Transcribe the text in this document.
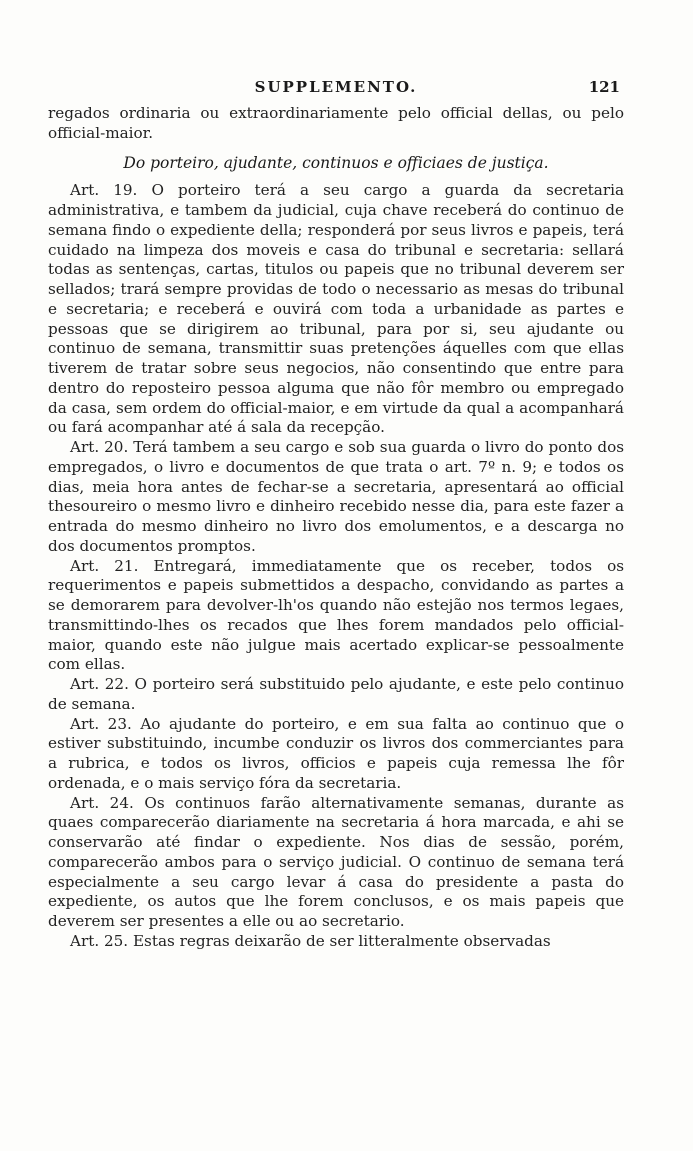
SUPPLEMENTO.	121

regados ordinaria ou extraordinariamente pelo official dellas, ou pelo official-maior.

Do porteiro, ajudante, continuos e officiaes de justiça.

Art. 19. O porteiro terá a seu cargo a guarda da secretaria administrativa, e tambem da judicial, cuja chave receberá do continuo de semana findo o expediente della; responderá por seus livros e papeis, terá cuidado na limpeza dos moveis e casa do tribunal e secretaria: sellará todas as sentenças, cartas, titulos ou papeis que no tribunal deverem ser sellados; trará sempre providas de todo o necessario as mesas do tribunal e secretaria; e receberá e ouvirá com toda a urbanidade as partes e pessoas que se dirigirem ao tribunal, para por si, seu ajudante ou continuo de semana, transmittir suas pretenções áquelles com que ellas tiverem de tratar sobre seus negocios, não consentindo que entre para dentro do reposteiro pessoa alguma que não fôr membro ou empregado da casa, sem ordem do official-maior, e em virtude da qual a acompanhará ou fará acompanhar até á sala da recepção.

Art. 20. Terá tambem a seu cargo e sob sua guarda o livro do ponto dos empregados, o livro e documentos de que trata o art. 7º n. 9; e todos os dias, meia hora antes de fechar-se a secretaria, apresentará ao official thesoureiro o mesmo livro e dinheiro recebido nesse dia, para este fazer a entrada do mesmo dinheiro no livro dos emolumentos, e a descarga no dos documentos promptos.

Art. 21. Entregará, immediatamente que os receber, todos os requerimentos e papeis submettidos a despacho, convidando as partes a se demorarem para devolver-lh'os quando não estejão nos termos legaes, transmittindo-lhes os recados que lhes forem mandados pelo official-maior, quando este não julgue mais acertado explicar-se pessoalmente com ellas.

Art. 22. O porteiro será substituido pelo ajudante, e este pelo continuo de semana.

Art. 23. Ao ajudante do porteiro, e em sua falta ao continuo que o estiver substituindo, incumbe conduzir os livros dos commerciantes para a rubrica, e todos os livros, officios e papeis cuja remessa lhe fôr ordenada, e o mais serviço fóra da secretaria.

Art. 24. Os continuos farão alternativamente semanas, durante as quaes comparecerão diariamente na secretaria á hora marcada, e ahi se conservarão até findar o expediente. Nos dias de sessão, porém, comparecerão ambos para o serviço judicial. O continuo de semana terá especialmente a seu cargo levar á casa do presidente a pasta do expediente, os autos que lhe forem conclusos, e os mais papeis que deverem ser presentes a elle ou ao secretario.

Art. 25. Estas regras deixarão de ser litteralmente observadas
